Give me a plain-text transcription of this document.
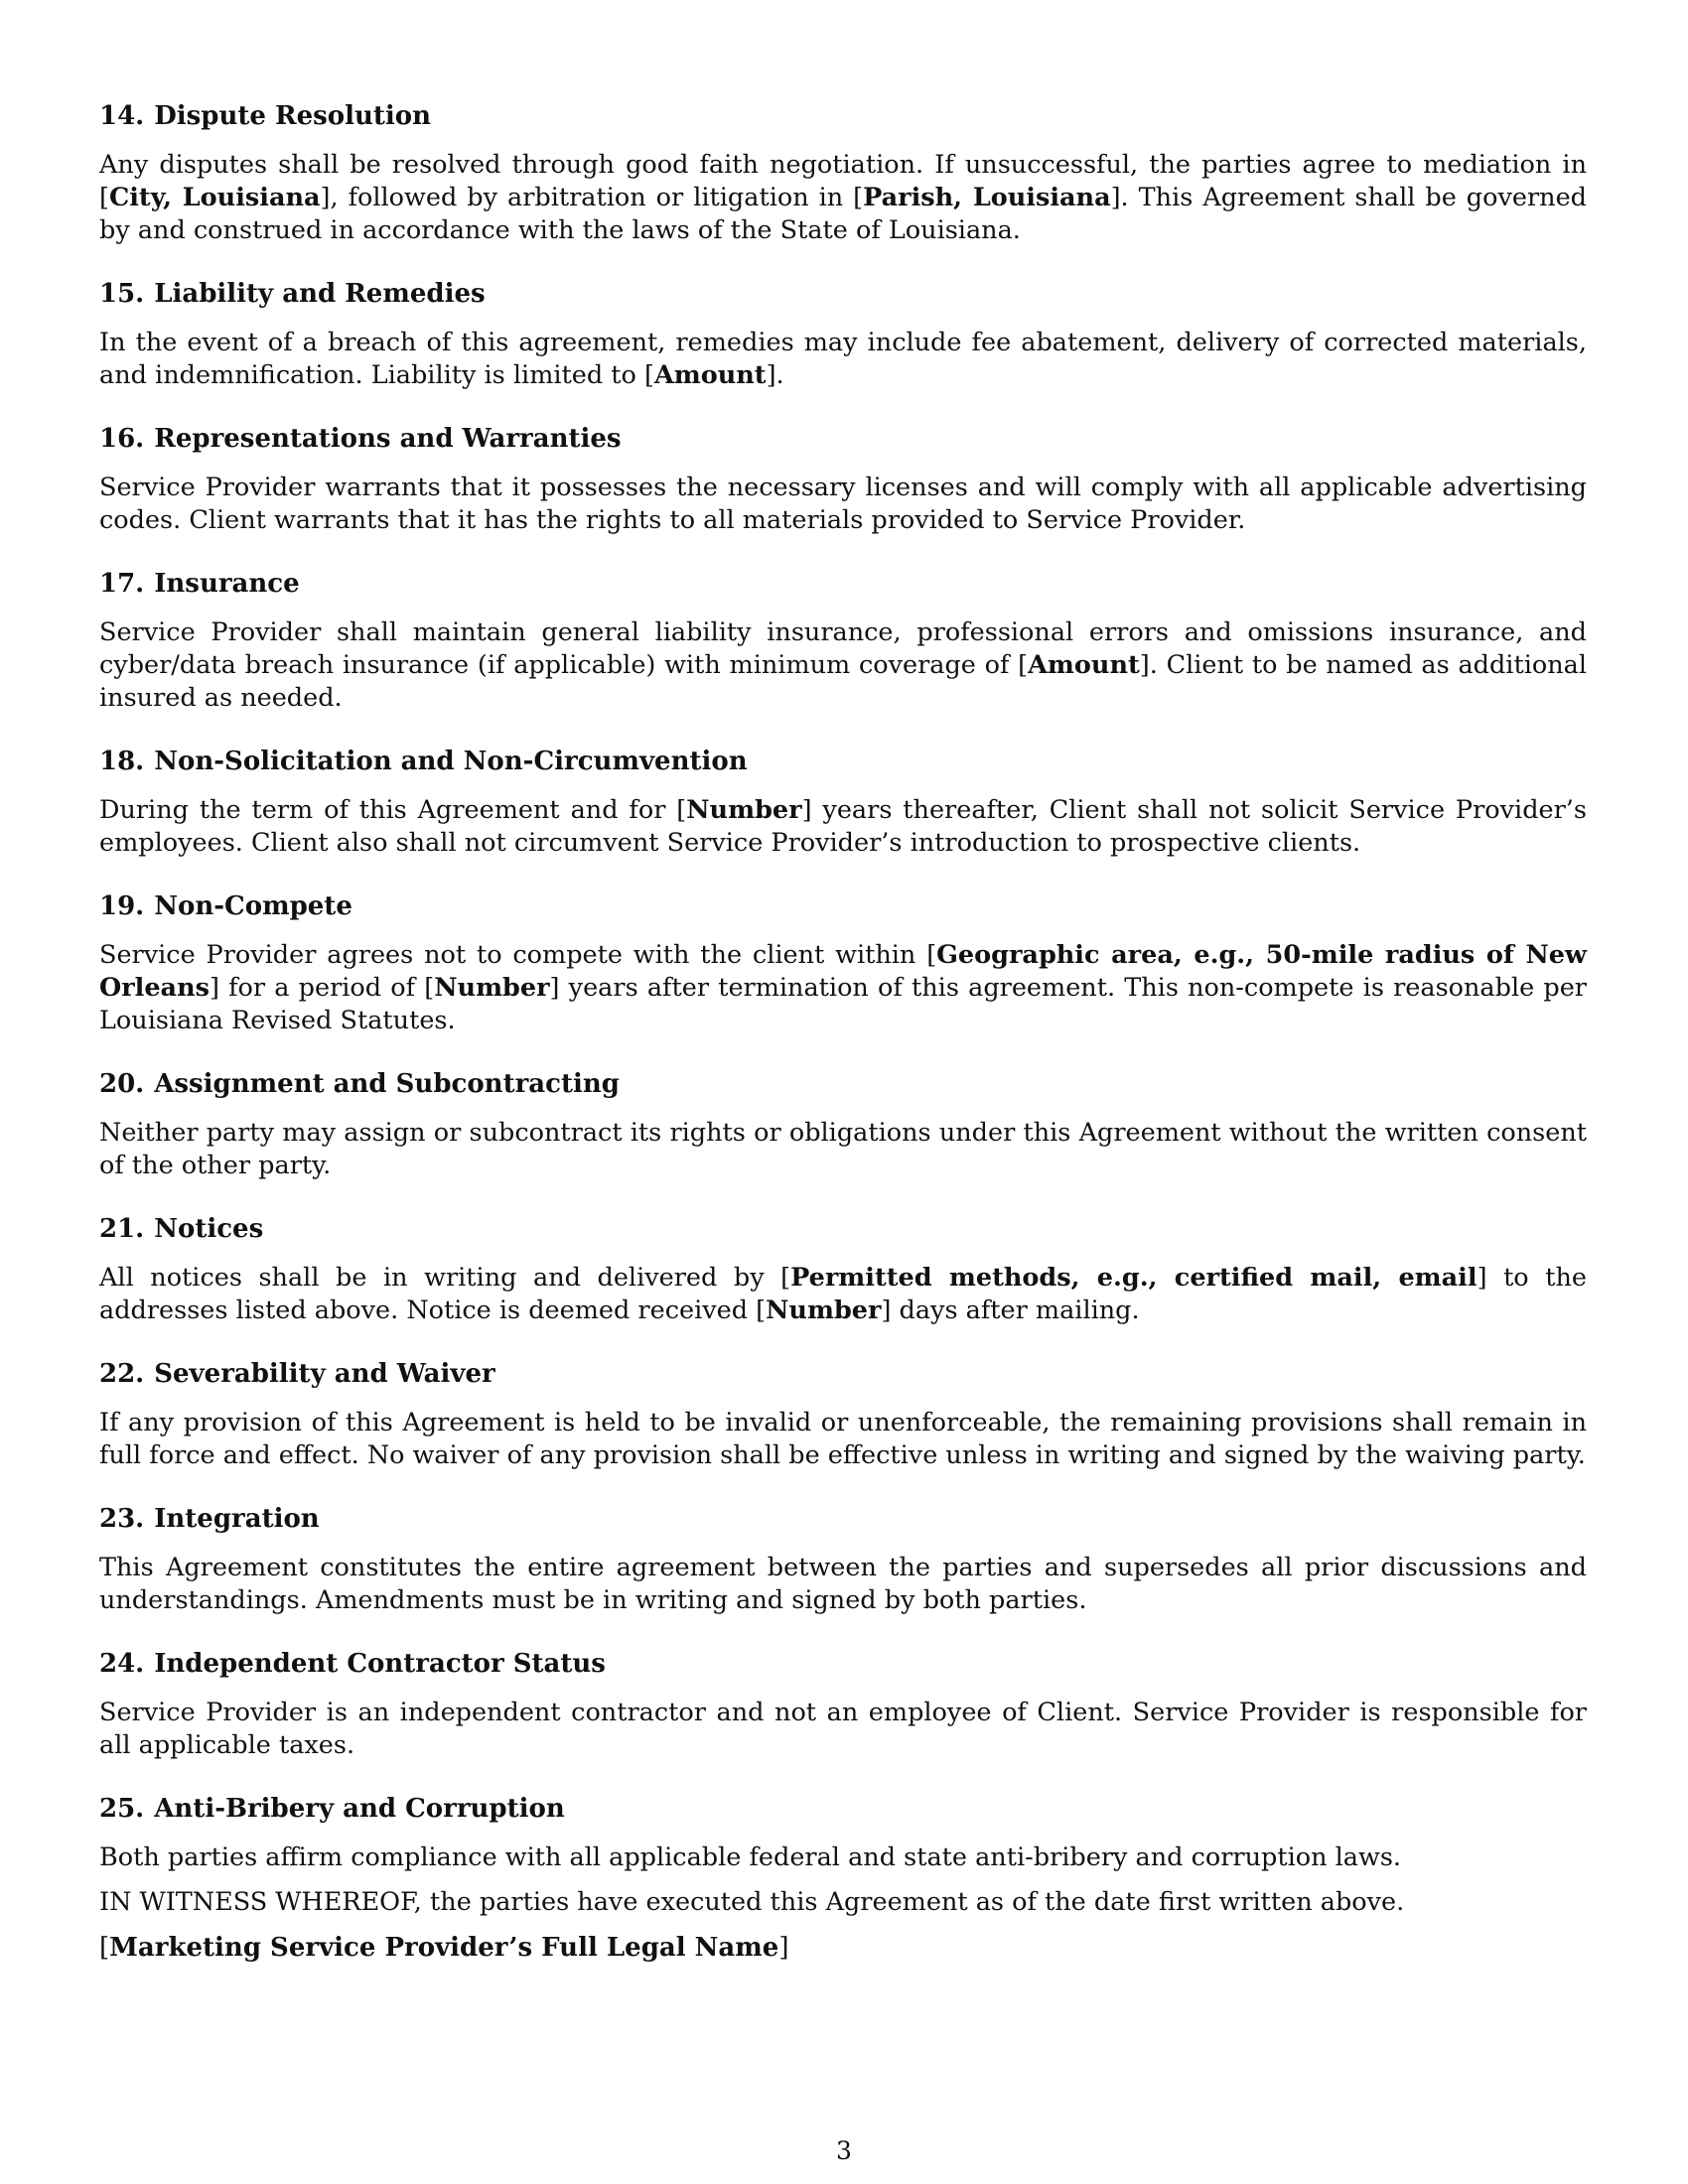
14. Dispute Resolution

Any disputes shall be resolved through good faith negotiation. If unsuccessful, the parties agree to mediation in [City, Louisiana], followed by arbitration or litigation in [Parish, Louisiana]. This Agreement shall be governed by and construed in accordance with the laws of the State of Louisiana.

15. Liability and Remedies

In the event of a breach of this agreement, remedies may include fee abatement, delivery of corrected materials, and indemnification. Liability is limited to [Amount].

16. Representations and Warranties

Service Provider warrants that it possesses the necessary licenses and will comply with all applicable advertising codes. Client warrants that it has the rights to all materials provided to Service Provider.

17. Insurance

Service Provider shall maintain general liability insurance, professional errors and omissions insurance, and cyber/data breach insurance (if applicable) with minimum coverage of [Amount]. Client to be named as additional insured as needed.

18. Non-Solicitation and Non-Circumvention

During the term of this Agreement and for [Number] years thereafter, Client shall not solicit Service Provider’s employees. Client also shall not circumvent Service Provider’s introduction to prospective clients.

19. Non-Compete

Service Provider agrees not to compete with the client within [Geographic area, e.g., 50-mile radius of New Orleans] for a period of [Number] years after termination of this agreement. This non-compete is reasonable per Louisiana Revised Statutes.

20. Assignment and Subcontracting

Neither party may assign or subcontract its rights or obligations under this Agreement without the written consent of the other party.

21. Notices

All notices shall be in writing and delivered by [Permitted methods, e.g., certified mail, email] to the addresses listed above. Notice is deemed received [Number] days after mailing.

22. Severability and Waiver

If any provision of this Agreement is held to be invalid or unenforceable, the remaining provisions shall remain in full force and effect. No waiver of any provision shall be effective unless in writing and signed by the waiving party.

23. Integration

This Agreement constitutes the entire agreement between the parties and supersedes all prior discussions and understandings. Amendments must be in writing and signed by both parties.

24. Independent Contractor Status

Service Provider is an independent contractor and not an employee of Client. Service Provider is responsible for all applicable taxes.

25. Anti-Bribery and Corruption

Both parties affirm compliance with all applicable federal and state anti-bribery and corruption laws.

IN WITNESS WHEREOF, the parties have executed this Agreement as of the date first written above.

[Marketing Service Provider’s Full Legal Name]

3
